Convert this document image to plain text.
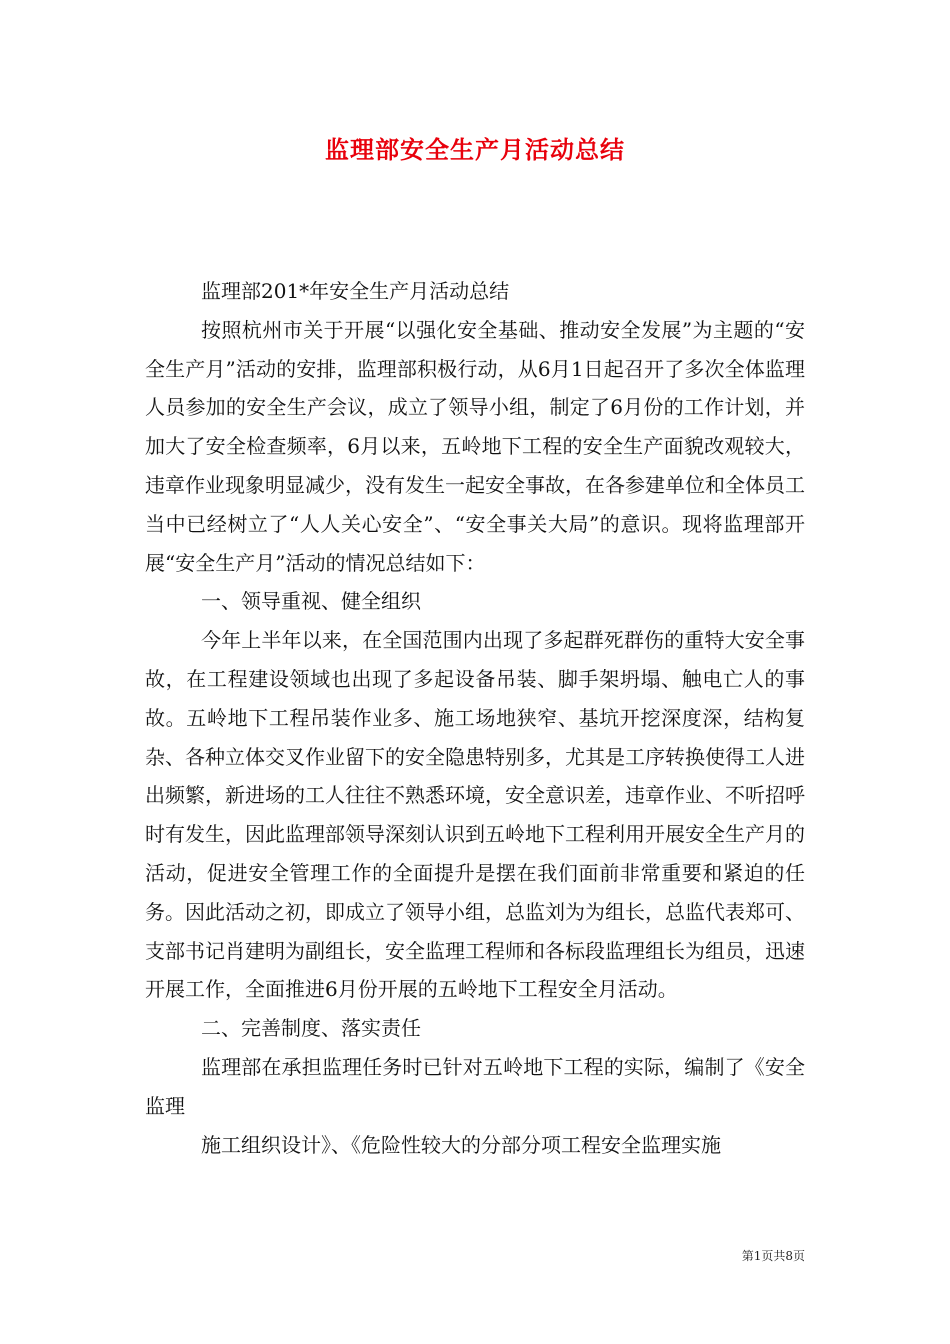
监理部安全生产月活动总结

监理部201*年安全生产月活动总结

按照杭州市关于开展“以强化安全基础、推动安全发展”为主题的“安全生产月”活动的安排，监理部积极行动，从6月1日起召开了多次全体监理人员参加的安全生产会议，成立了领导小组，制定了6月份的工作计划，并加大了安全检查频率，6月以来，五岭地下工程的安全生产面貌改观较大，违章作业现象明显减少，没有发生一起安全事故，在各参建单位和全体员工当中已经树立了“人人关心安全”、“安全事关大局”的意识。现将监理部开展“安全生产月”活动的情况总结如下：

一、领导重视、健全组织

今年上半年以来，在全国范围内出现了多起群死群伤的重特大安全事故，在工程建设领域也出现了多起设备吊装、脚手架坍塌、触电亡人的事故。五岭地下工程吊装作业多、施工场地狭窄、基坑开挖深度深，结构复杂、各种立体交叉作业留下的安全隐患特别多，尤其是工序转换使得工人进出频繁，新进场的工人往往不熟悉环境，安全意识差，违章作业、不听招呼时有发生，因此监理部领导深刻认识到五岭地下工程利用开展安全生产月的活动，促进安全管理工作的全面提升是摆在我们面前非常重要和紧迫的任务。因此活动之初，即成立了领导小组，总监刘为为组长，总监代表郑可、支部书记肖建明为副组长，安全监理工程师和各标段监理组长为组员，迅速开展工作，全面推进6月份开展的五岭地下工程安全月活动。

二、完善制度、落实责任

监理部在承担监理任务时已针对五岭地下工程的实际，编制了《安全监理

施工组织设计》、《危险性较大的分部分项工程安全监理实施

第1页共8页
